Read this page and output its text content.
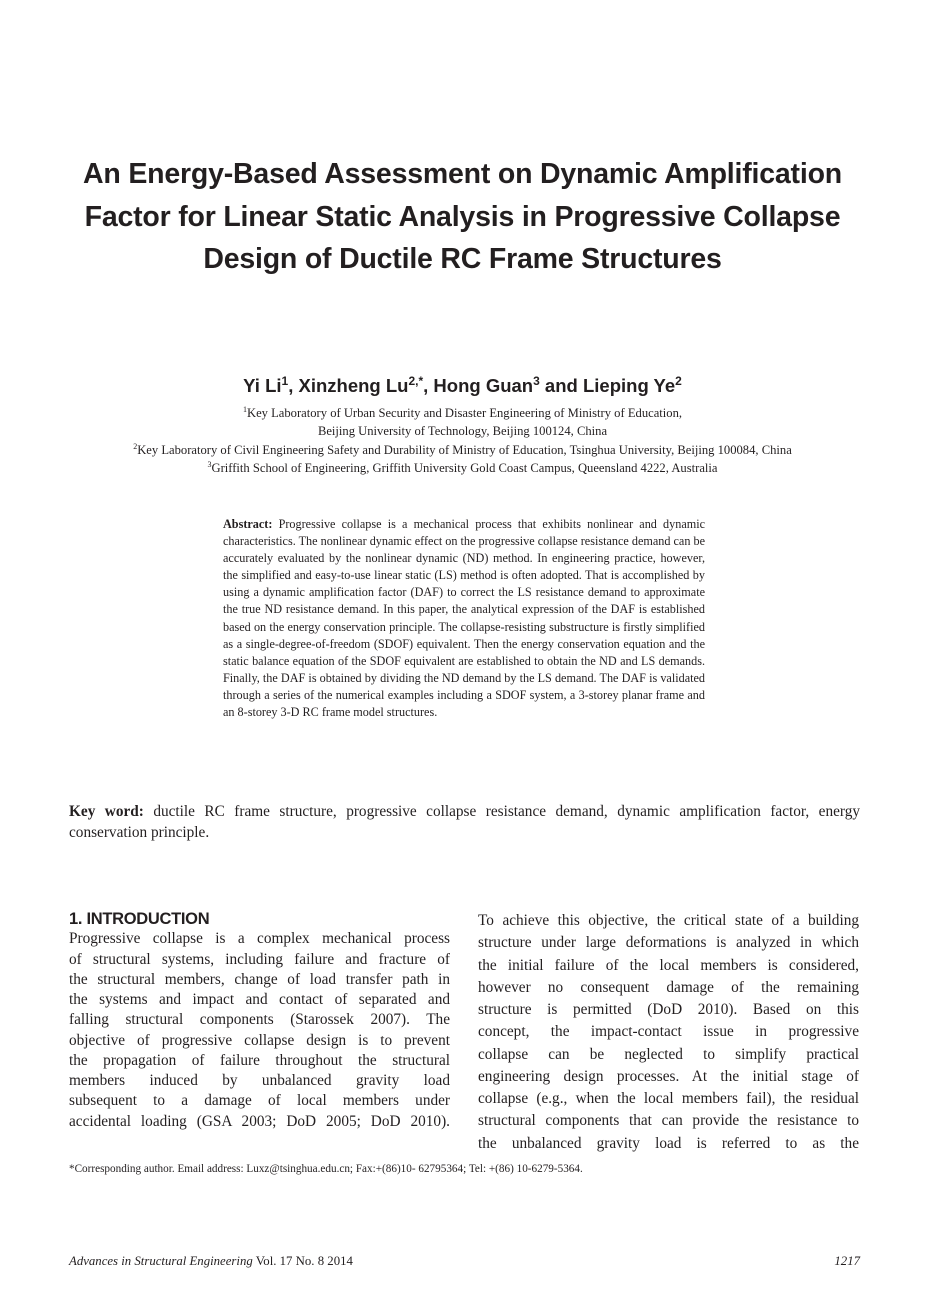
An Energy-Based Assessment on Dynamic Amplification Factor for Linear Static Analysis in Progressive Collapse Design of Ductile RC Frame Structures
Yi Li$^1$, Xinzheng $Lu^{2,*}$, Hong Guan$^3$ and Lieping Ye$^2$
$^1$Key Laboratory of Urban Security and Disaster Engineering of Ministry of Education,
Beijing University of Technology, Beijing 100124, China
$^2$Key Laboratory of Civil Engineering Safety and Durability of Ministry of Education, Tsinghua University, Beijing 100084, China
$^3$Griffith School of Engineering, Griffith University Gold Coast Campus, Queensland 4222, Australia

Abstract: Progressive collapse is a mechanical process that exhibits nonlinear and dynamic characteristics. The nonlinear dynamic effect on the progressive collapse resistance demand can be accurately evaluated by the nonlinear dynamic (ND) method. In engineering practice, however, the simplified and easy-to-use linear static (LS) method is often adopted. That is accomplished by using a dynamic amplification factor (DAF) to correct the LS resistance demand to approximate the true ND resistance demand. In this paper, the analytical expression of the DAF is established based on the energy conservation principle. The collapse-resisting substructure is firstly simplified as a single-degree-of-freedom (SDOF) equivalent. Then the energy conservation equation and the static balance equation of the SDOF equivalent are established to obtain the ND and LS demands. Finally, the DAF is obtained by dividing the ND demand by the LS demand. The DAF is validated through a series of the numerical examples including a SDOF system, a 3-storey planar frame and an 8-storey 3-D RC frame model structures.

Key word: ductile RC frame structure, progressive collapse resistance demand, dynamic amplification factor, energy conservation principle.

1. INTRODUCTION

Progressive collapse is a complex mechanical process

of structural systems, including failure and fracture of

the structural members, change of load transfer path in

the systems and impact and contact of separated and

falling structural components (Starossek 2007). The

objective of progressive collapse design is to prevent

the propagation of failure throughout the structural

members induced by unbalanced gravity load

subsequent to a damage of local members under

accidental loading (GSA 2003; DoD 2005; DoD 2010).

To achieve this objective, the critical state of a building

structure under large deformations is analyzed in which

the initial failure of the local members is considered,

however no consequent damage of the remaining

structure is permitted (DoD 2010). Based on this

concept, the impact-contact issue in progressive

collapse can be neglected to simplify practical

engineering design processes. At the initial stage of

collapse (e.g., when the local members fail), the residual

structural components that can provide the resistance to

the unbalanced gravity load is referred to as the

*Corresponding author. Email address: Luxz@tsinghua.edu.cn; Fax:+(86)10- 62795364; Tel: +(86) 10-6279-5364.
Advances in Structural Engineering Vol. 17 No. 8 2014	1217
